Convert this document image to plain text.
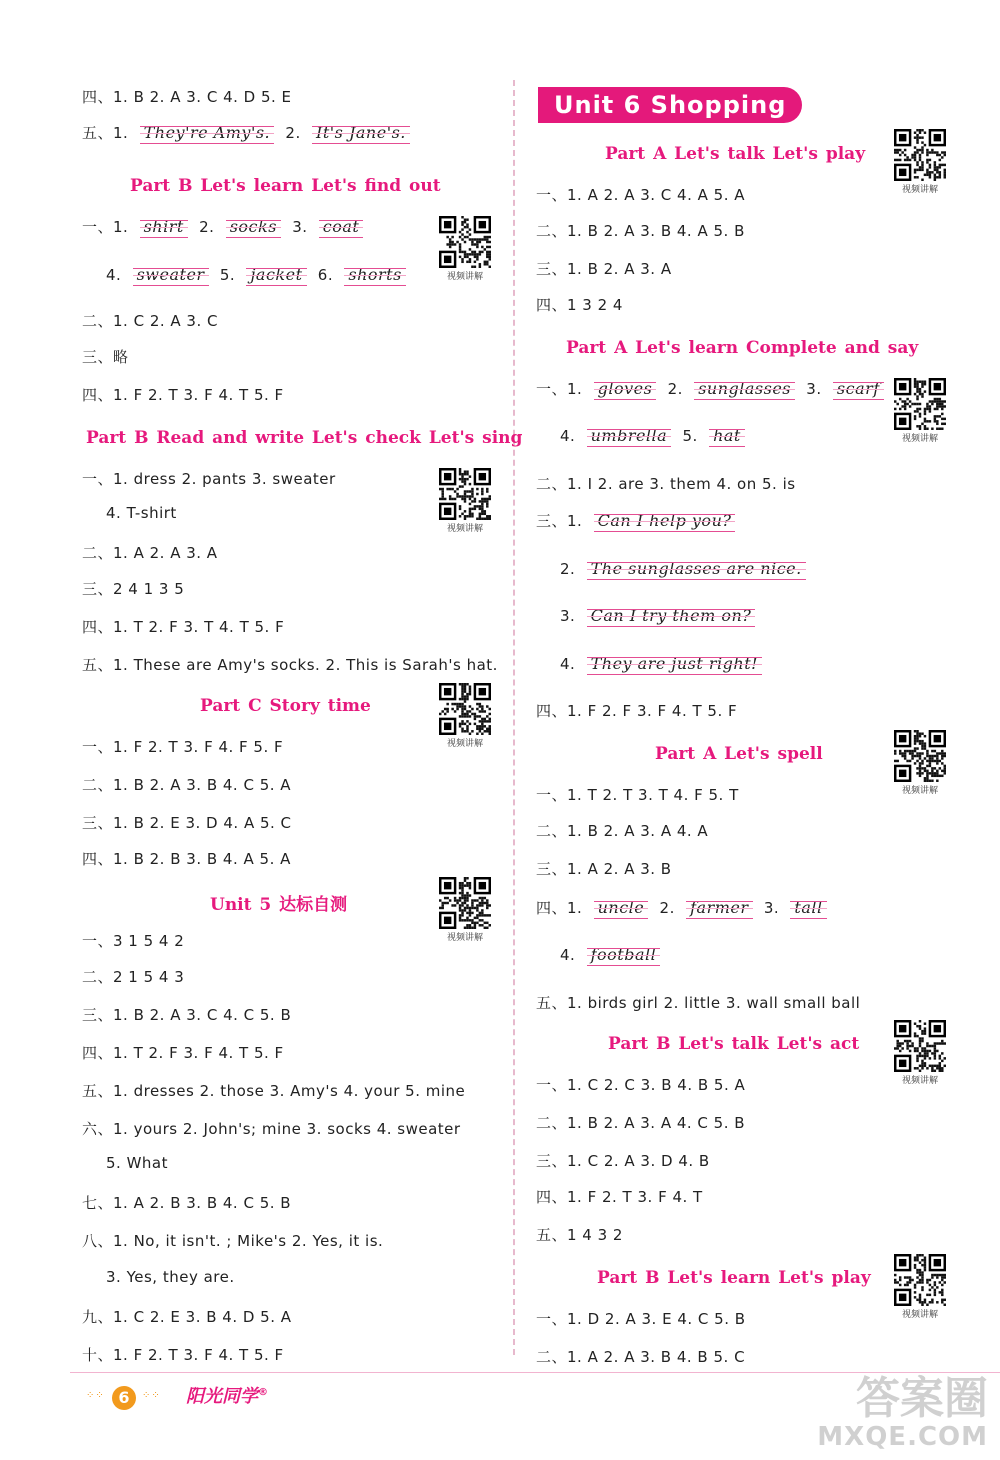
四、1. B 2. A 3. C 4. D 5. E
五、1. They're Amy's. 2. It's Jane's.
Part B Let's learn Let's find out
一、1. shirt 2. socks 3. coat
4. sweater 5. jacket 6. shorts
二、1. C 2. A 3. C
三、略
四、1. F 2. T 3. F 4. T 5. F
Part B Read and write Let's check Let's sing
一、1. dress 2. pants 3. sweater
4. T-shirt
二、1. A 2. A 3. A
三、2 4 1 3 5
四、1. T 2. F 3. T 4. T 5. F
五、1. These are Amy's socks. 2. This is Sarah's hat.
Part C Story time
一、1. F 2. T 3. F 4. F 5. F
二、1. B 2. A 3. B 4. C 5. A
三、1. B 2. E 3. D 4. A 5. C
四、1. B 2. B 3. B 4. A 5. A
Unit 5 达标自测
一、3 1 5 4 2
二、2 1 5 4 3
三、1. B 2. A 3. C 4. C 5. B
四、1. T 2. F 3. F 4. T 5. F
五、1. dresses 2. those 3. Amy's 4. your 5. mine
六、1. yours 2. John's; mine 3. socks 4. sweater
5. What
七、1. A 2. B 3. B 4. C 5. B
八、1. No, it isn't. ; Mike's 2. Yes, it is.
3. Yes, they are.
九、1. C 2. E 3. B 4. D 5. A
十、1. F 2. T 3. F 4. T 5. F
Unit 6 Shopping
Part A Let's talk Let's play
一、1. A 2. A 3. C 4. A 5. A
二、1. B 2. A 3. B 4. A 5. B
三、1. B 2. A 3. A
四、1 3 2 4
Part A Let's learn Complete and say
一、1. gloves 2. sunglasses 3. scarf
4. umbrella 5. hat
二、1. I 2. are 3. them 4. on 5. is
三、1. Can I help you?
2. The sunglasses are nice.
3. Can I try them on?
4. They are just right!
四、1. F 2. F 3. F 4. T 5. F
Part A Let's spell
一、1. T 2. T 3. T 4. F 5. T
二、1. B 2. A 3. A 4. A
三、1. A 2. A 3. B
四、1. uncle 2. farmer 3. tall
4. football
五、1. birds girl 2. little 3. wall small ball
Part B Let's talk Let's act
一、1. C 2. C 3. B 4. B 5. A
二、1. B 2. A 3. A 4. C 5. B
三、1. C 2. A 3. D 4. B
四、1. F 2. T 3. F 4. T
五、1 4 3 2
Part B Let's learn Let's play
一、1. D 2. A 3. E 4. C 5. B
二、1. A 2. A 3. B 4. B 5. C
视频讲解
视频讲解
视频讲解
视频讲解
视频讲解
视频讲解
视频讲解
视频讲解
视频讲解
⁘⁘ 6	⁘⁘ 阳光同学®	答案圈
MXQE.COM
